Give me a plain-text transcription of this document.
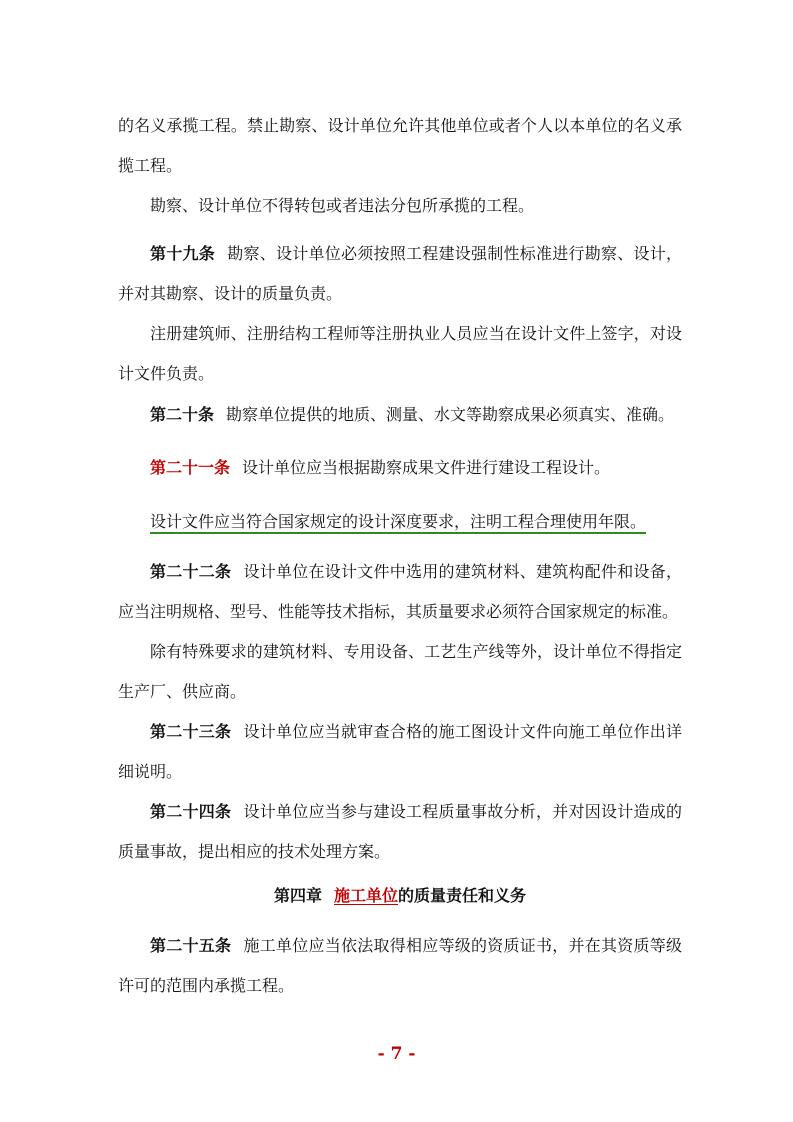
的名义承揽工程。禁止勘察、设计单位允许其他单位或者个人以本单位的名义承揽工程。

勘察、设计单位不得转包或者违法分包所承揽的工程。

第十九条 勘察、设计单位必须按照工程建设强制性标准进行勘察、设计，并对其勘察、设计的质量负责。

注册建筑师、注册结构工程师等注册执业人员应当在设计文件上签字，对设计文件负责。

第二十条 勘察单位提供的地质、测量、水文等勘察成果必须真实、准确。

第二十一条 设计单位应当根据勘察成果文件进行建设工程设计。

设计文件应当符合国家规定的设计深度要求，注明工程合理使用年限。

第二十二条 设计单位在设计文件中选用的建筑材料、建筑构配件和设备，应当注明规格、型号、性能等技术指标，其质量要求必须符合国家规定的标准。

除有特殊要求的建筑材料、专用设备、工艺生产线等外，设计单位不得指定生产厂、供应商。

第二十三条 设计单位应当就审查合格的施工图设计文件向施工单位作出详细说明。

第二十四条 设计单位应当参与建设工程质量事故分析，并对因设计造成的质量事故，提出相应的技术处理方案。

第四章 施工单位的质量责任和义务

第二十五条 施工单位应当依法取得相应等级的资质证书，并在其资质等级许可的范围内承揽工程。

- 7 -
